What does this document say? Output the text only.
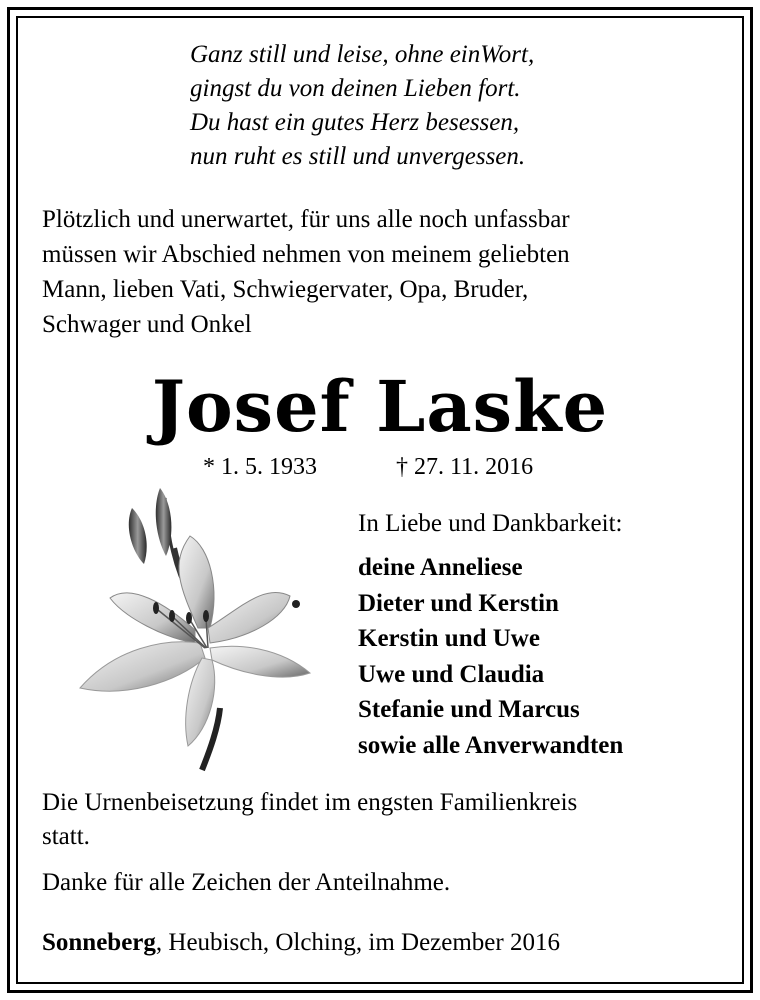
Ganz still und leise, ohne einWort,
gingst du von deinen Lieben fort.
Du hast ein gutes Herz besessen,
nun ruht es still und unvergessen.
Plötzlich und unerwartet, für uns alle noch unfassbar
müssen wir Abschied nehmen von meinem geliebten
Mann, lieben Vati, Schwiegervater, Opa, Bruder,
Schwager und Onkel
Josef Laske
* 1. 5. 1933	† 27. 11. 2016
In Liebe und Dankbarkeit:
deine Anneliese
Dieter und Kerstin
Kerstin und Uwe
Uwe und Claudia
Stefanie und Marcus
sowie alle Anverwandten
Die Urnenbeisetzung findet im engsten Familienkreis
statt.
Danke für alle Zeichen der Anteilnahme.
Sonneberg, Heubisch, Olching, im Dezember 2016
